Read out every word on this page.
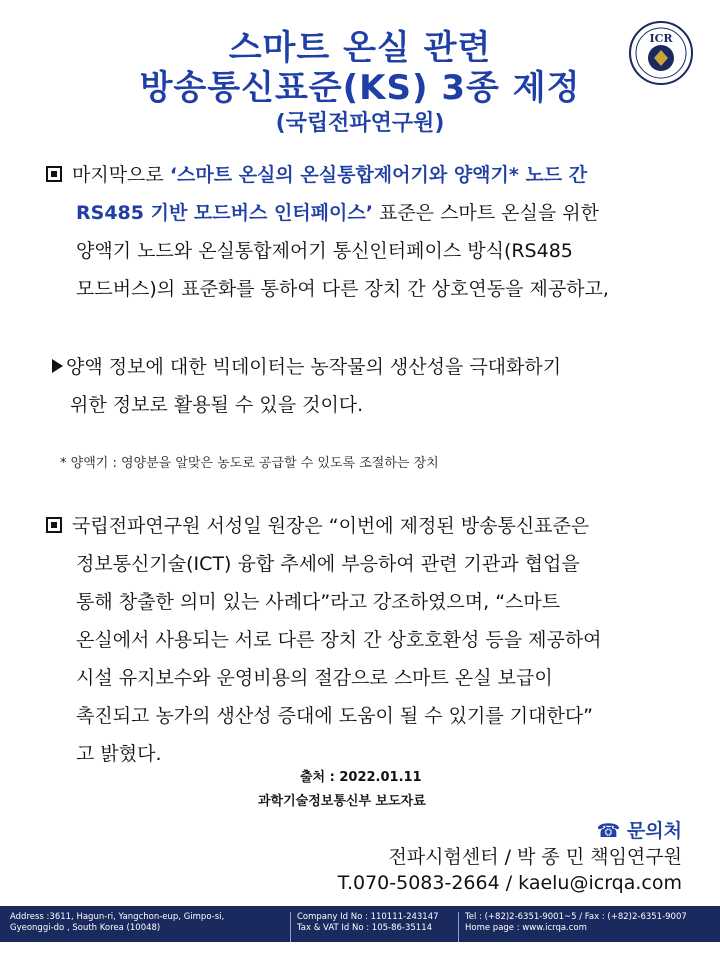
스마트 온실 관련
방송통신표준(KS) 3종 제정
(국립전파연구원)
ICR
마지막으로 ‘스마트 온실의 온실통합제어기와 양액기* 노드 간
RS485 기반 모드버스 인터페이스’ 표준은 스마트 온실을 위한
양액기 노드와 온실통합제어기 통신인터페이스 방식(RS485
모드버스)의 표준화를 통하여 다른 장치 간 상호연동을 제공하고,
양액 정보에 대한 빅데이터는 농작물의 생산성을 극대화하기
위한 정보로 활용될 수 있을 것이다.
* 양액기 : 영양분을 알맞은 농도로 공급할 수 있도록 조절하는 장치
국립전파연구원 서성일 원장은 “이번에 제정된 방송통신표준은
정보통신기술(ICT) 융합 추세에 부응하여 관련 기관과 협업을
통해 창출한 의미 있는 사례다”라고 강조하였으며, “스마트
온실에서 사용되는 서로 다른 장치 간 상호호환성 등을 제공하여
시설 유지보수와 운영비용의 절감으로 스마트 온실 보급이
촉진되고 농가의 생산성 증대에 도움이 될 수 있기를 기대한다”
고 밝혔다.
출처 : 2022.01.11
과학기술정보통신부 보도자료
☎ 문의처
전파시험센터 / 박 종 민 책임연구원
T.070-5083-2664 / kaelu@icrqa.com
Address :3611, Hagun-ri, Yangchon-eup, Gimpo-si,
Gyeonggi-do , South Korea (10048)
Company Id No : 110111-243147
Tax & VAT Id No : 105-86-35114
Tel : (+82)2-6351-9001~5 / Fax : (+82)2-6351-9007
Home page : www.icrqa.com
